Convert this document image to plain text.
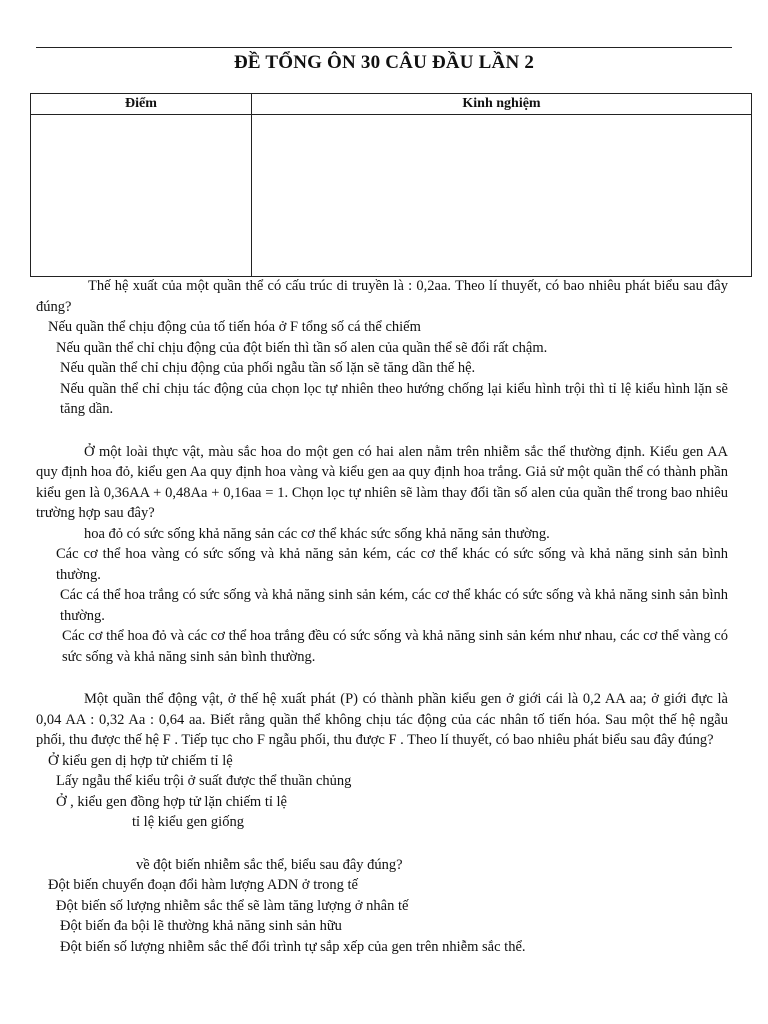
ĐỀ TỔNG ÔN 30 CÂU ĐẦU LẦN 2
Điểm	Kinh nghiệm

Thế hệ xuất của một quần thể có cấu trúc di truyền là : 0,2aa. Theo lí thuyết, có bao nhiêu phát biểu sau đây đúng?

Nếu quần thể chịu động của tố tiến hóa ở F tổng số cá thể chiếm

Nếu quần thể chỉ chịu động của đột biến thì tần số alen của quần thể sẽ đổi rất chậm.

Nếu quần thể chỉ chịu động của phối ngẫu tần số lặn sẽ tăng dần thế hệ.

Nếu quần thể chỉ chịu tác động của chọn lọc tự nhiên theo hướng chống lại kiểu hình trội thì tỉ lệ kiểu hình lặn sẽ tăng dần.

Ở một loài thực vật, màu sắc hoa do một gen có hai alen nằm trên nhiễm sắc thể thường định. Kiểu gen AA quy định hoa đỏ, kiểu gen Aa quy định hoa vàng và kiểu gen aa quy định hoa trắng. Giả sử một quần thể có thành phần kiểu gen là 0,36AA + 0,48Aa + 0,16aa = 1. Chọn lọc tự nhiên sẽ làm thay đổi tần số alen của quần thể trong bao nhiêu trường hợp sau đây?

hoa đỏ có sức sống khả năng sản các cơ thể khác sức sống khả năng sản thường.

Các cơ thể hoa vàng có sức sống và khả năng sản kém, các cơ thể khác có sức sống và khả năng sinh sản bình thường.

Các cá thể hoa trắng có sức sống và khả năng sinh sản kém, các cơ thể khác có sức sống và khả năng sinh sản bình thường.

Các cơ thể hoa đỏ và các cơ thể hoa trắng đều có sức sống và khả năng sinh sản kém như nhau, các cơ thể vàng có sức sống và khả năng sinh sản bình thường.

Một quần thể động vật, ở thế hệ xuất phát (P) có thành phần kiểu gen ở giới cái là 0,2 AA aa; ở giới đực là 0,04 AA : 0,32 Aa : 0,64 aa. Biết rằng quần thể không chịu tác động của các nhân tố tiến hóa. Sau một thế hệ ngẫu phối, thu được thế hệ F . Tiếp tục cho F ngẫu phối, thu được F . Theo lí thuyết, có bao nhiêu phát biểu sau đây đúng?

Ở kiểu gen dị hợp tử chiếm tỉ lệ

Lấy ngẫu thể kiểu trội ở suất được thể thuần chủng

Ở , kiểu gen đồng hợp tử lặn chiếm tỉ lệ

tỉ lệ kiểu gen giống

về đột biến nhiễm sắc thể, biểu sau đây đúng?

Đột biến chuyển đoạn đổi hàm lượng ADN ở trong tế

Đột biến số lượng nhiễm sắc thể sẽ làm tăng lượng ở nhân tế

Đột biến đa bội lẽ thường khả năng sinh sản hữu

Đột biến số lượng nhiễm sắc thể đổi trình tự sắp xếp của gen trên nhiễm sắc thể.
